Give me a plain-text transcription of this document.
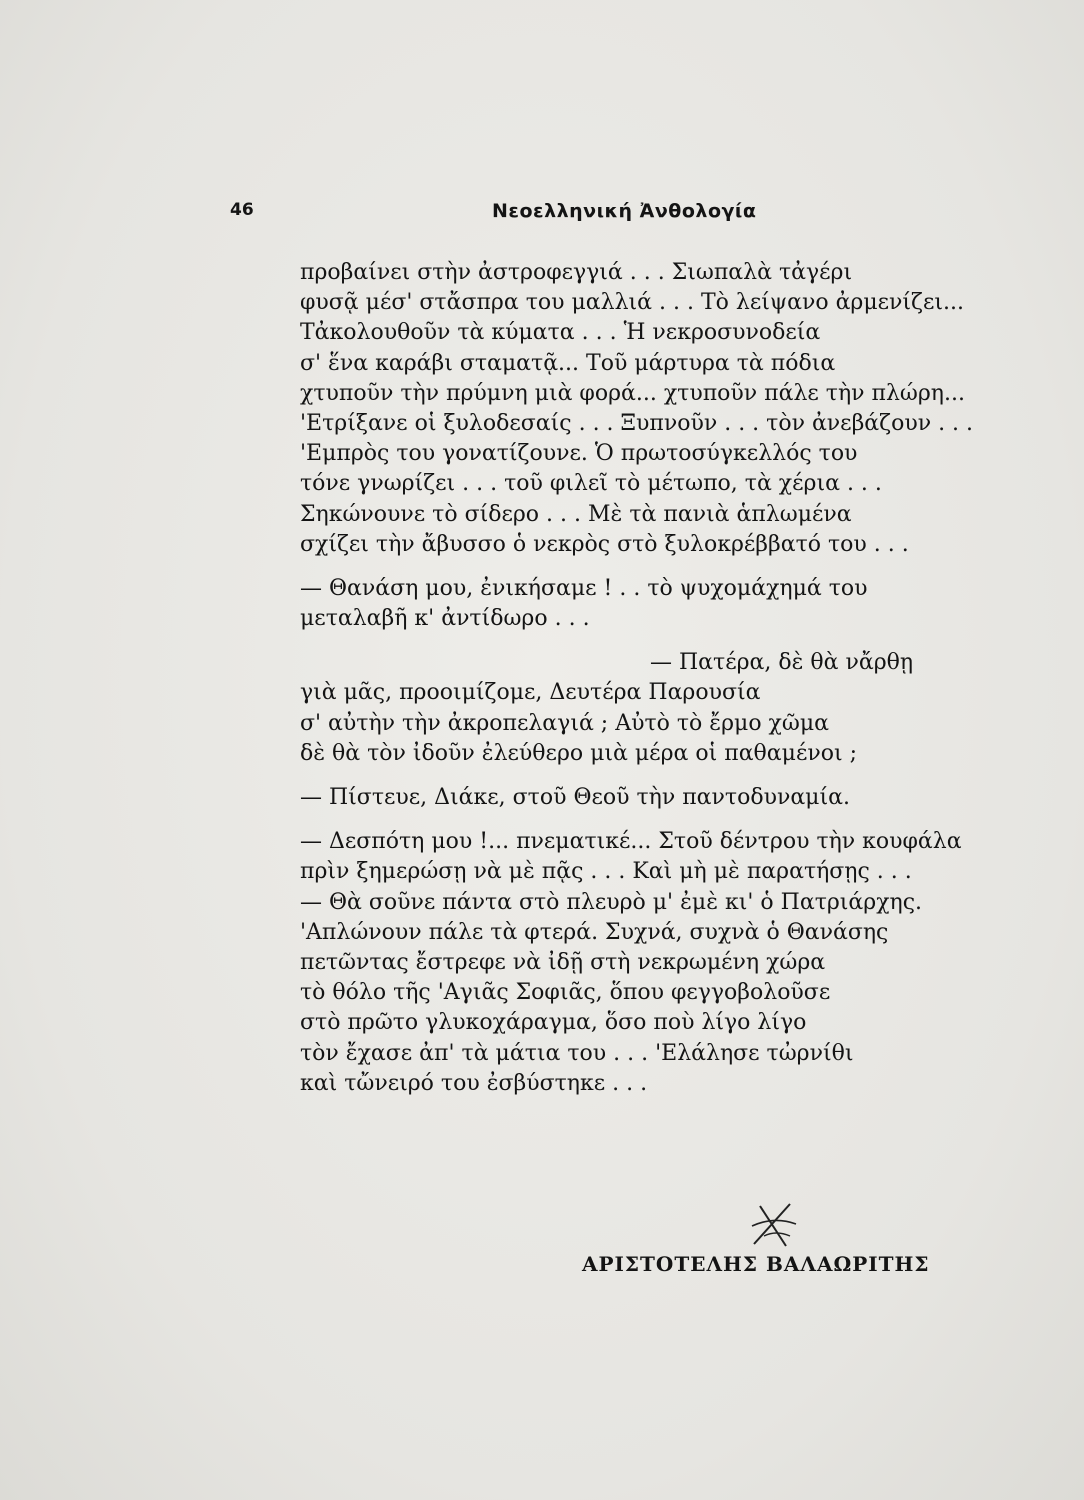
46	Νεοελληνική Ἀνθολογία
προβαίνει στὴν ἀστροφεγγιά . . . Σιωπαλὰ τἀγέρι
φυσᾷ μέσ' στἄσπρα του μαλλιά . . . Τὸ λείψανο ἀρμενίζει...
Τἀκολουθοῦν τὰ κύματα . . . Ἡ νεκροσυνοδεία
σ' ἕνα καράβι σταματᾷ... Τοῦ μάρτυρα τὰ πόδια
χτυποῦν τὴν πρύμνη μιὰ φορά... χτυποῦν πάλε τὴν πλώρη...
'Ετρίξανε οἱ ξυλοδεσαίς . . . Ξυπνοῦν . . . τὸν ἀνεβάζουν . . .
'Εμπρὸς του γονατίζουνε. Ὁ πρωτοσύγκελλός του
τόνε γνωρίζει . . . τοῦ φιλεῖ τὸ μέτωπο, τὰ χέρια . . .
Σηκώνουνε τὸ σίδερο . . . Μὲ τὰ πανιὰ ἁπλωμένα
σχίζει τὴν ἄβυσσο ὁ νεκρὸς στὸ ξυλοκρέββατό του . . .
— Θανάση μου, ἐνικήσαμε ! . . τὸ ψυχομάχημά του
μεταλαβῆ κ' ἀντίδωρο . . .
— Πατέρα, δὲ θὰ νἄρθῃ
γιὰ μᾶς, προοιμίζομε, Δευτέρα Παρουσία
σ' αὐτὴν τὴν ἀκροπελαγιά ; Αὐτὸ τὸ ἔρμο χῶμα
δὲ θὰ τὸν ἰδοῦν ἐλεύθερο μιὰ μέρα οἱ παθαμένοι ;
— Πίστευε, Διάκε, στοῦ Θεοῦ τὴν παντοδυναμία.
— Δεσπότη μου !... πνεματικέ... Στοῦ δέντρου τὴν κουφάλα
πρὶν ξημερώσῃ νὰ μὲ πᾷς . . . Καὶ μὴ μὲ παρατήσῃς . . .
— Θὰ σοῦνε πάντα στὸ πλευρὸ μ' ἐμὲ κι' ὁ Πατριάρχης.
'Απλώνουν πάλε τὰ φτερά. Συχνά, συχνὰ ὁ Θανάσης
πετῶντας ἔστρεφε νὰ ἰδῇ στὴ νεκρωμένη χώρα
τὸ θόλο τῆς 'Αγιᾶς Σοφιᾶς, ὅπου φεγγοβολοῦσε
στὸ πρῶτο γλυκοχάραγμα, ὅσο ποὺ λίγο λίγο
τὸν ἔχασε ἀπ' τὰ μάτια του . . . 'Ελάλησε τὠρνίθι
καὶ τὤνειρό του ἐσβύστηκε . . .
ΑΡΙΣΤΟΤΕΛΗΣ ΒΑΛΑΩΡΙΤΗΣ
